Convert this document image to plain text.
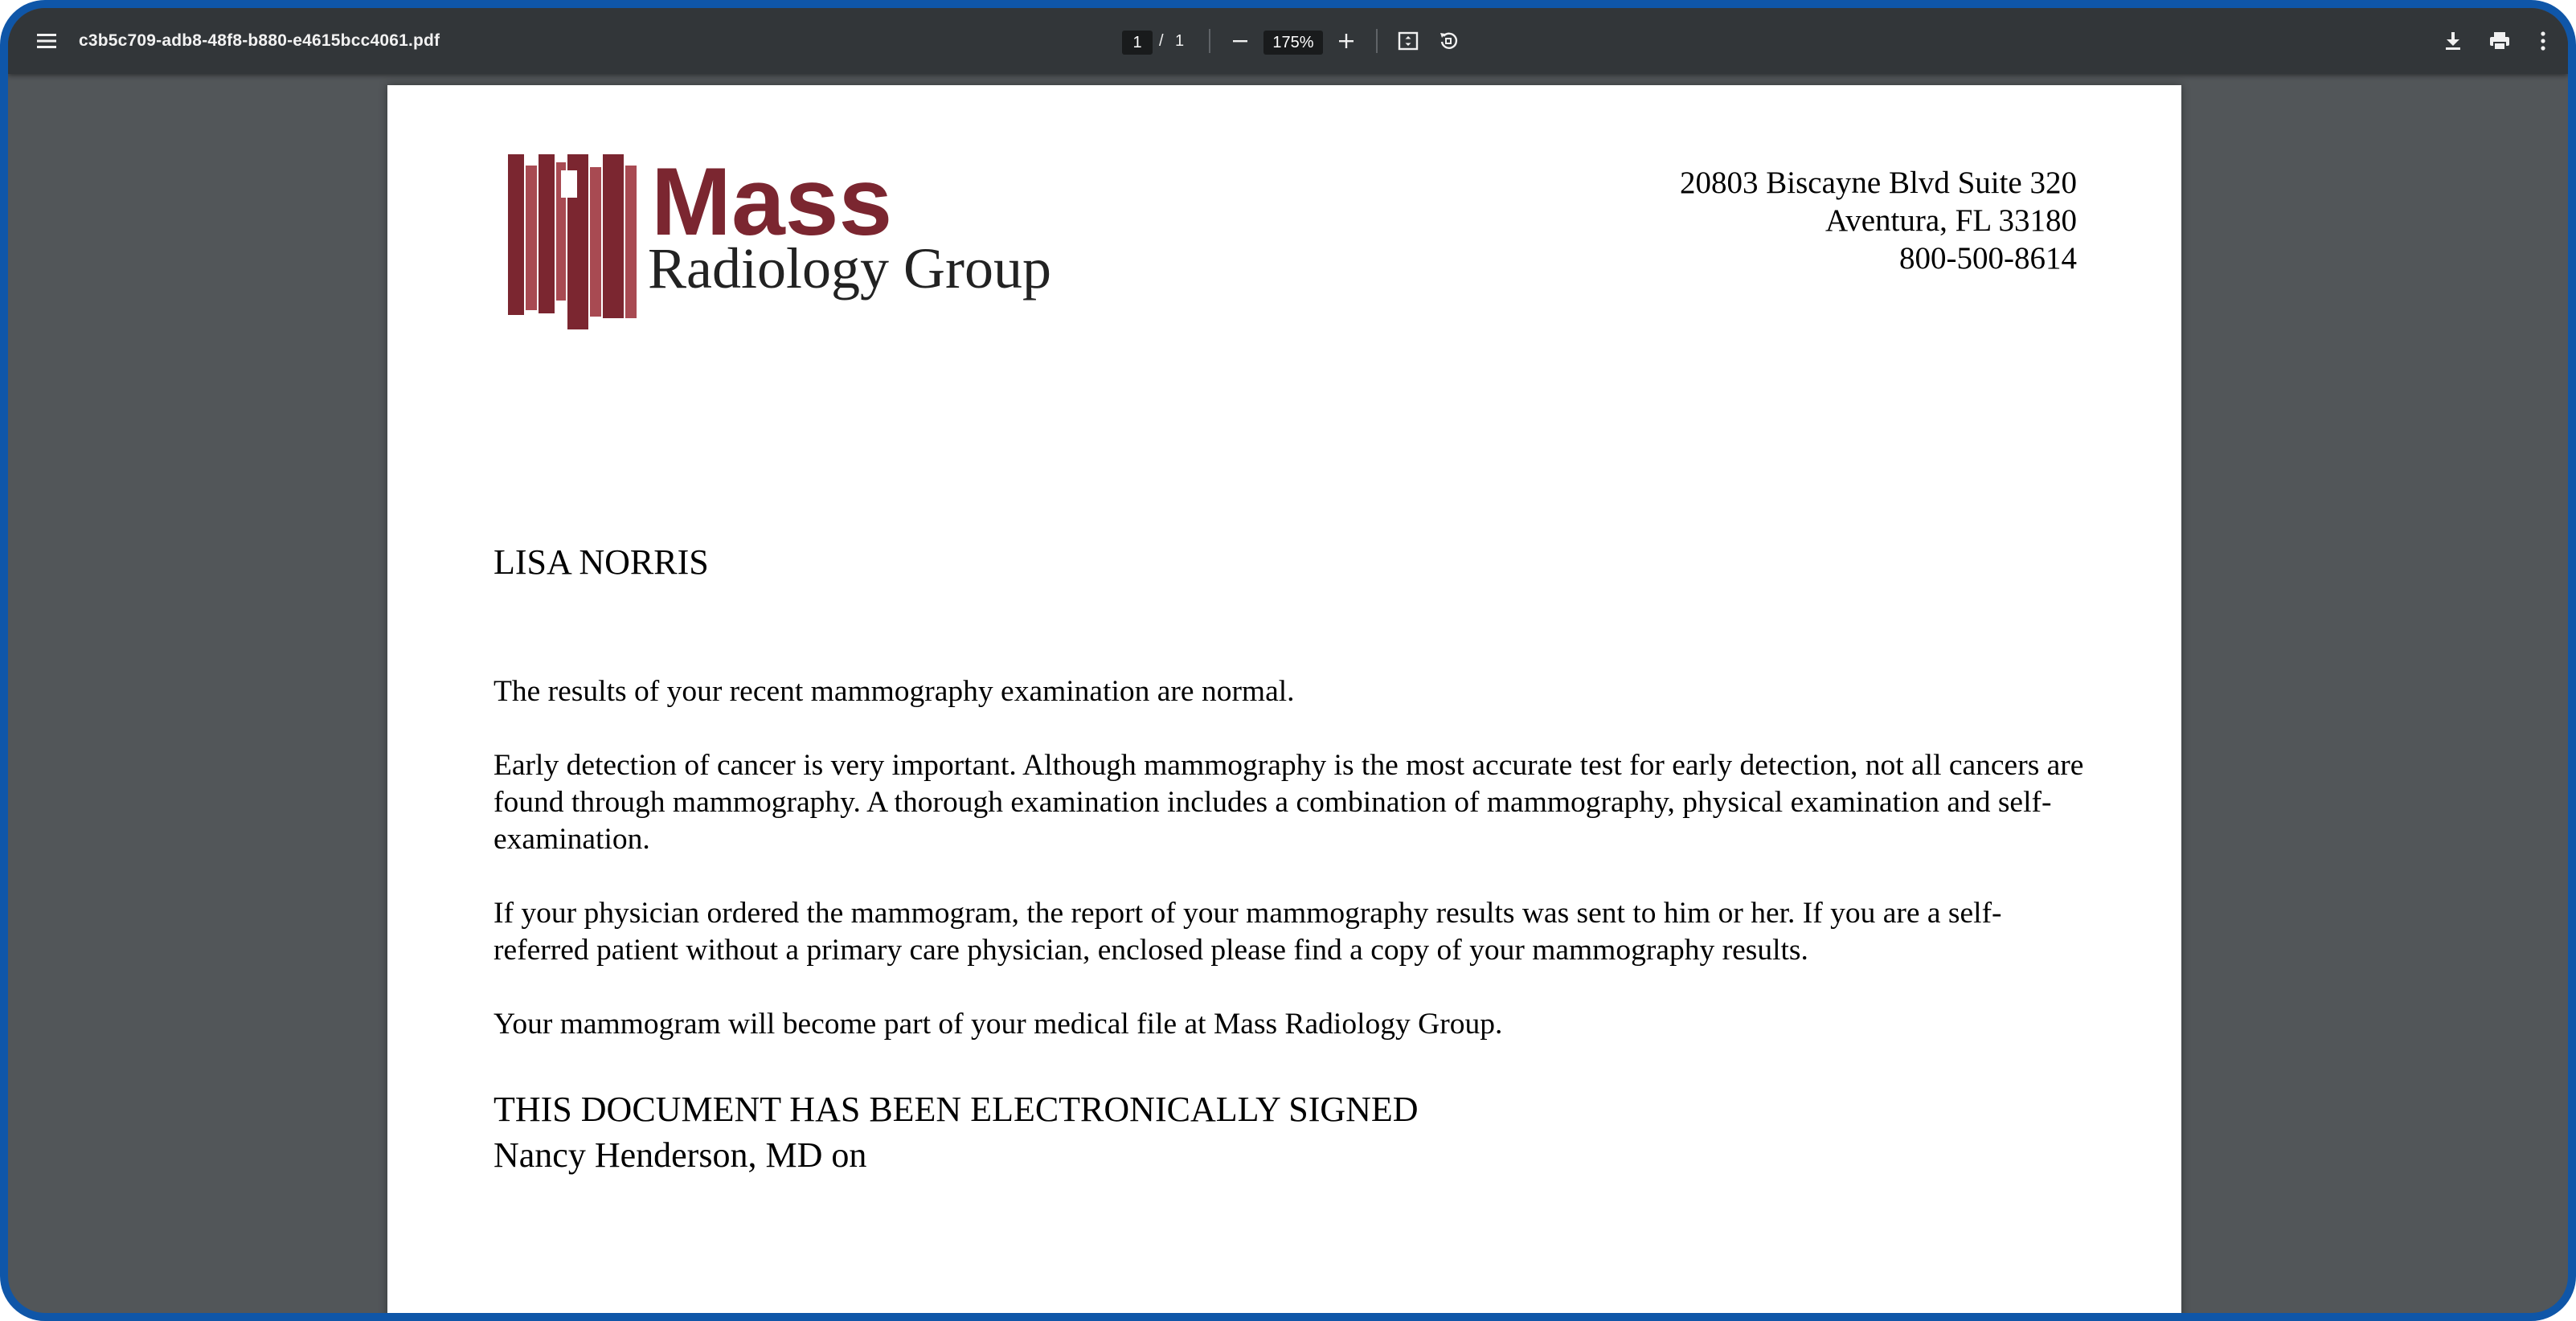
c3b5c709-adb8-48f8-b880-e4615bcc4061.pdf	1	/ 1	175%
Mass
Radiology Group
20803 Biscayne Blvd Suite 320
Aventura, FL 33180
800-500-8614
LISA NORRIS

The results of your recent mammography examination are normal.

Early detection of cancer is very important. Although mammography is the most accurate test for early detection, not all cancers are found through mammography. A thorough examination includes a combination of mammography, physical examination and self-examination.

If your physician ordered the mammogram, the report of your mammography results was sent to him or her. If you are a self-referred patient without a primary care physician, enclosed please find a copy of your mammography results.

Your mammogram will become part of your medical file at Mass Radiology Group.

THIS DOCUMENT HAS BEEN ELECTRONICALLY SIGNED
Nancy Henderson, MD on
